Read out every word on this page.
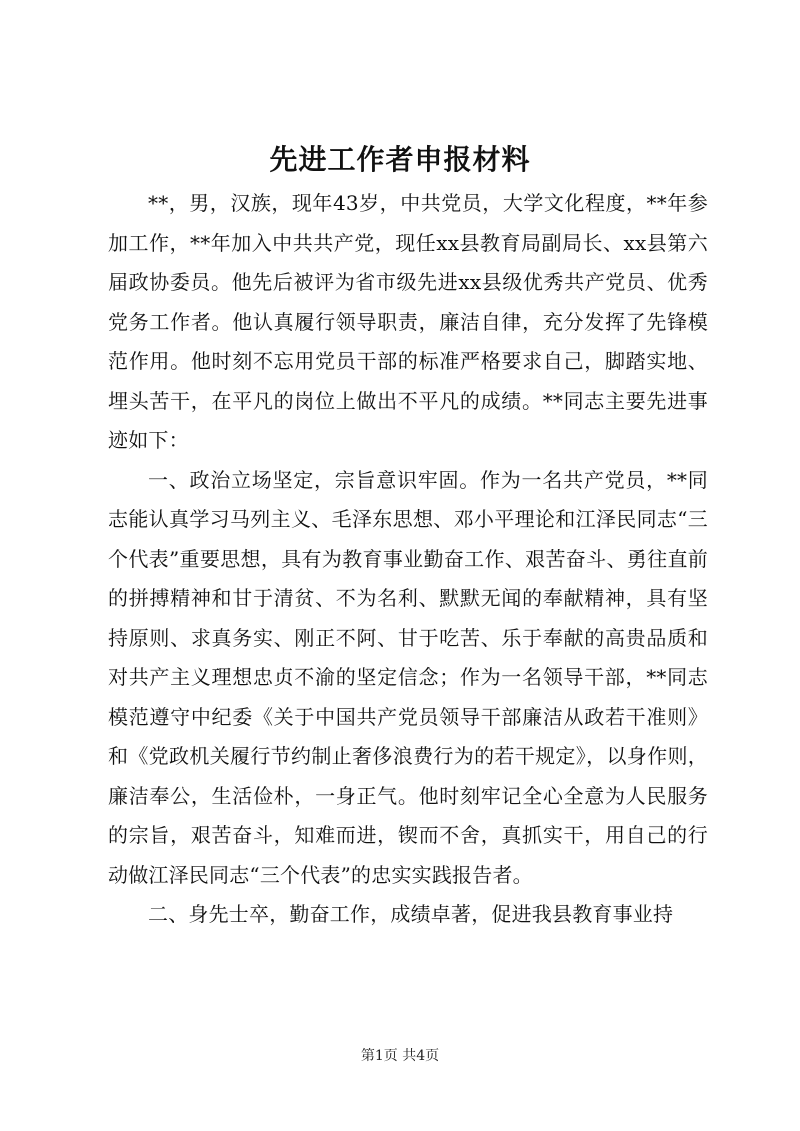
先进工作者申报材料

**，男，汉族，现年43岁，中共党员，大学文化程度，**年参加工作，**年加入中共共产党，现任xx县教育局副局长、xx县第六届政协委员。他先后被评为省市级先进xx县级优秀共产党员、优秀党务工作者。他认真履行领导职责，廉洁自律，充分发挥了先锋模范作用。他时刻不忘用党员干部的标准严格要求自己，脚踏实地、埋头苦干，在平凡的岗位上做出不平凡的成绩。**同志主要先进事迹如下：

一、政治立场坚定，宗旨意识牢固。作为一名共产党员，**同志能认真学习马列主义、毛泽东思想、邓小平理论和江泽民同志“三个代表”重要思想，具有为教育事业勤奋工作、艰苦奋斗、勇往直前的拼搏精神和甘于清贫、不为名利、默默无闻的奉献精神，具有坚持原则、求真务实、刚正不阿、甘于吃苦、乐于奉献的高贵品质和对共产主义理想忠贞不渝的坚定信念；作为一名领导干部，**同志模范遵守中纪委《关于中国共产党员领导干部廉洁从政若干准则》和《党政机关履行节约制止奢侈浪费行为的若干规定》，以身作则，廉洁奉公，生活俭朴，一身正气。他时刻牢记全心全意为人民服务的宗旨，艰苦奋斗，知难而进，锲而不舍，真抓实干，用自己的行动做江泽民同志“三个代表”的忠实实践报告者。

二、身先士卒，勤奋工作，成绩卓著，促进我县教育事业持

第1页 共4页
